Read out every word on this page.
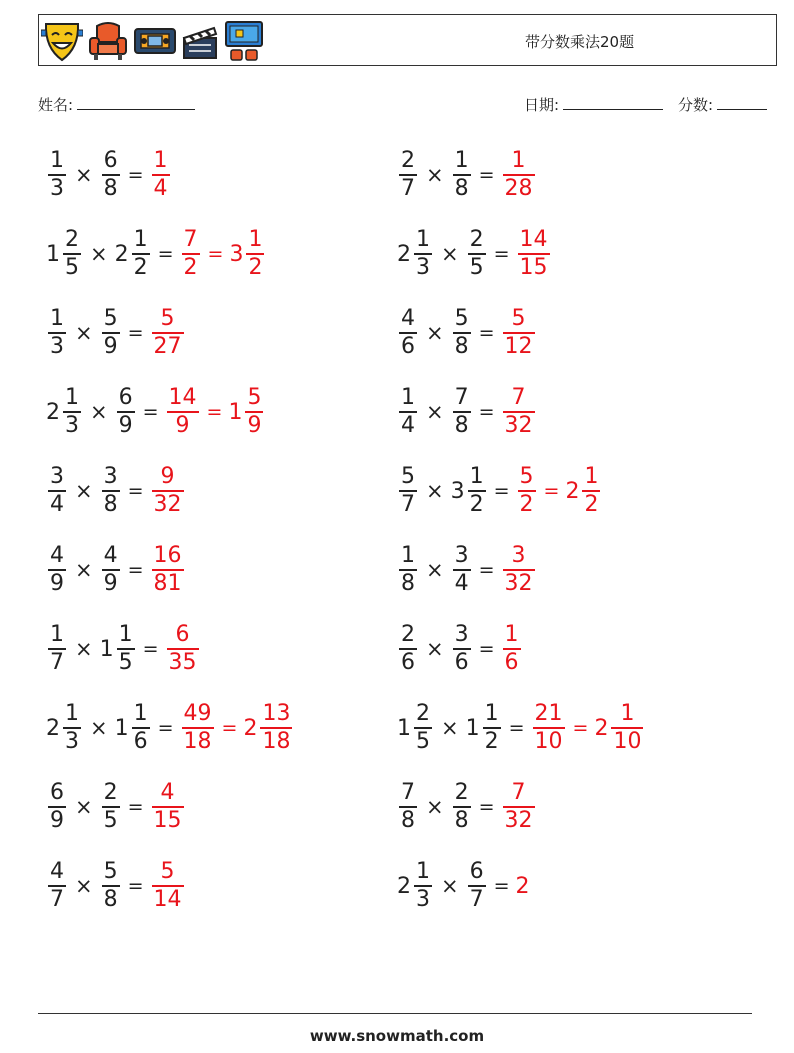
带分数乘法20题
姓名:	日期:	分数:
$\frac{1}{3} \times \frac{6}{8} = \frac{1}{4}$	$\frac{2}{7} \times \frac{1}{8} = \frac{1}{28}$
$1 \frac{2}{5} \times 2 \frac{1}{2} = \frac{7}{2} = 3 \frac{1}{2}$	$2 \frac{1}{3} \times \frac{2}{5} = \frac{14}{15}$
$\frac{1}{3} \times \frac{5}{9} = \frac{5}{27}$	$\frac{4}{6} \times \frac{5}{8} = \frac{5}{12}$
$2 \frac{1}{3} \times \frac{6}{9} = \frac{14}{9} = 1 \frac{5}{9}$	$\frac{1}{4} \times \frac{7}{8} = \frac{7}{32}$
$\frac{3}{4} \times \frac{3}{8} = \frac{9}{32}$	$\frac{5}{7} \times 3 \frac{1}{2} = \frac{5}{2} = 2 \frac{1}{2}$
$\frac{4}{9} \times \frac{4}{9} = \frac{16}{81}$	$\frac{1}{8} \times \frac{3}{4} = \frac{3}{32}$
$\frac{1}{7} \times 1 \frac{1}{5} = \frac{6}{35}$	$\frac{2}{6} \times \frac{3}{6} = \frac{1}{6}$
$2 \frac{1}{3} \times 1 \frac{1}{6} = \frac{49}{18} = 2 \frac{13}{18}$	$1 \frac{2}{5} \times 1 \frac{1}{2} = \frac{21}{10} = 2 \frac{1}{10}$
$\frac{6}{9} \times \frac{2}{5} = \frac{4}{15}$	$\frac{7}{8} \times \frac{2}{8} = \frac{7}{32}$
$\frac{4}{7} \times \frac{5}{8} = \frac{5}{14}$	$2 \frac{1}{3} \times \frac{6}{7} = 2$
www.snowmath.com
